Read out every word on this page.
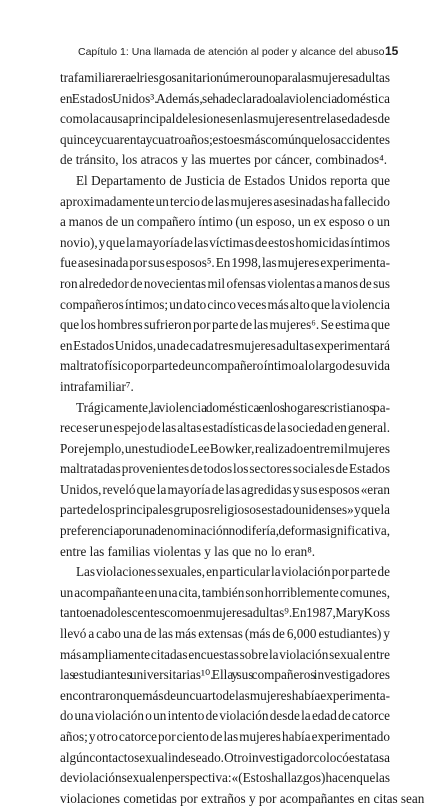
Capítulo 1: Una llamada de atención al poder y alcance del abuso 15
trafamiliar era el riesgo sanitario número uno para las mujeres adultas
en Estados Unidos³. Además, se ha declarado a la violencia doméstica
como la causa principal de lesiones en las mujeres entre las edades de
quince y cuarenta y cuatro años; esto es más común que los accidentes
de tránsito, los atracos y las muertes por cáncer, combinados⁴.
El Departamento de Justicia de Estados Unidos reporta que
aproximadamente un tercio de las mujeres asesinadas ha fallecido
a manos de un compañero íntimo (un esposo, un ex esposo o un
novio), y que la mayoría de las víctimas de estos homicidas íntimos
fue asesinada por sus esposos⁵. En 1998, las mujeres experimenta-
ron alrededor de novecientas mil ofensas violentas a manos de sus
compañeros íntimos; un dato cinco veces más alto que la violencia
que los hombres sufrieron por parte de las mujeres⁶. Se estima que
en Estados Unidos, una de cada tres mujeres adultas experimentará
maltrato físico por parte de un compañero íntimo a lo largo de su vida
intrafamiliar⁷.
Trágicamente, la violencia doméstica en los hogares cristianos pa-
rece ser un espejo de las altas estadísticas de la sociedad en general.
Por ejemplo, un estudio de Lee Bowker, realizado entre mil mujeres
maltratadas provenientes de todos los sectores sociales de Estados
Unidos, reveló que la mayoría de las agredidas y sus esposos «eran
parte de los principales grupos religiosos estadounidenses» y que la
preferencia por una denominación no difería, de forma significativa,
entre las familias violentas y las que no lo eran⁸.
Las violaciones sexuales, en particular la violación por parte de
un acompañante en una cita, también son horriblemente comunes,
tanto en adolescentes como en mujeres adultas⁹. En 1987, Mary Koss
llevó a cabo una de las más extensas (más de 6,000 estudiantes) y
más ampliamente citadas encuestas sobre la violación sexual entre
las estudiantes universitarias¹⁰. Ella y sus compañeros investigadores
encontraron que más de un cuarto de las mujeres había experimenta-
do una violación o un intento de violación desde la edad de catorce
años; y otro catorce por ciento de las mujeres había experimentado
algún contacto sexual indeseado. Otro investigador colocó esta tasa
de violación sexual en perspectiva: «(Estos hallazgos) hacen que las
violaciones cometidas por extraños y por acompañantes en citas sean
